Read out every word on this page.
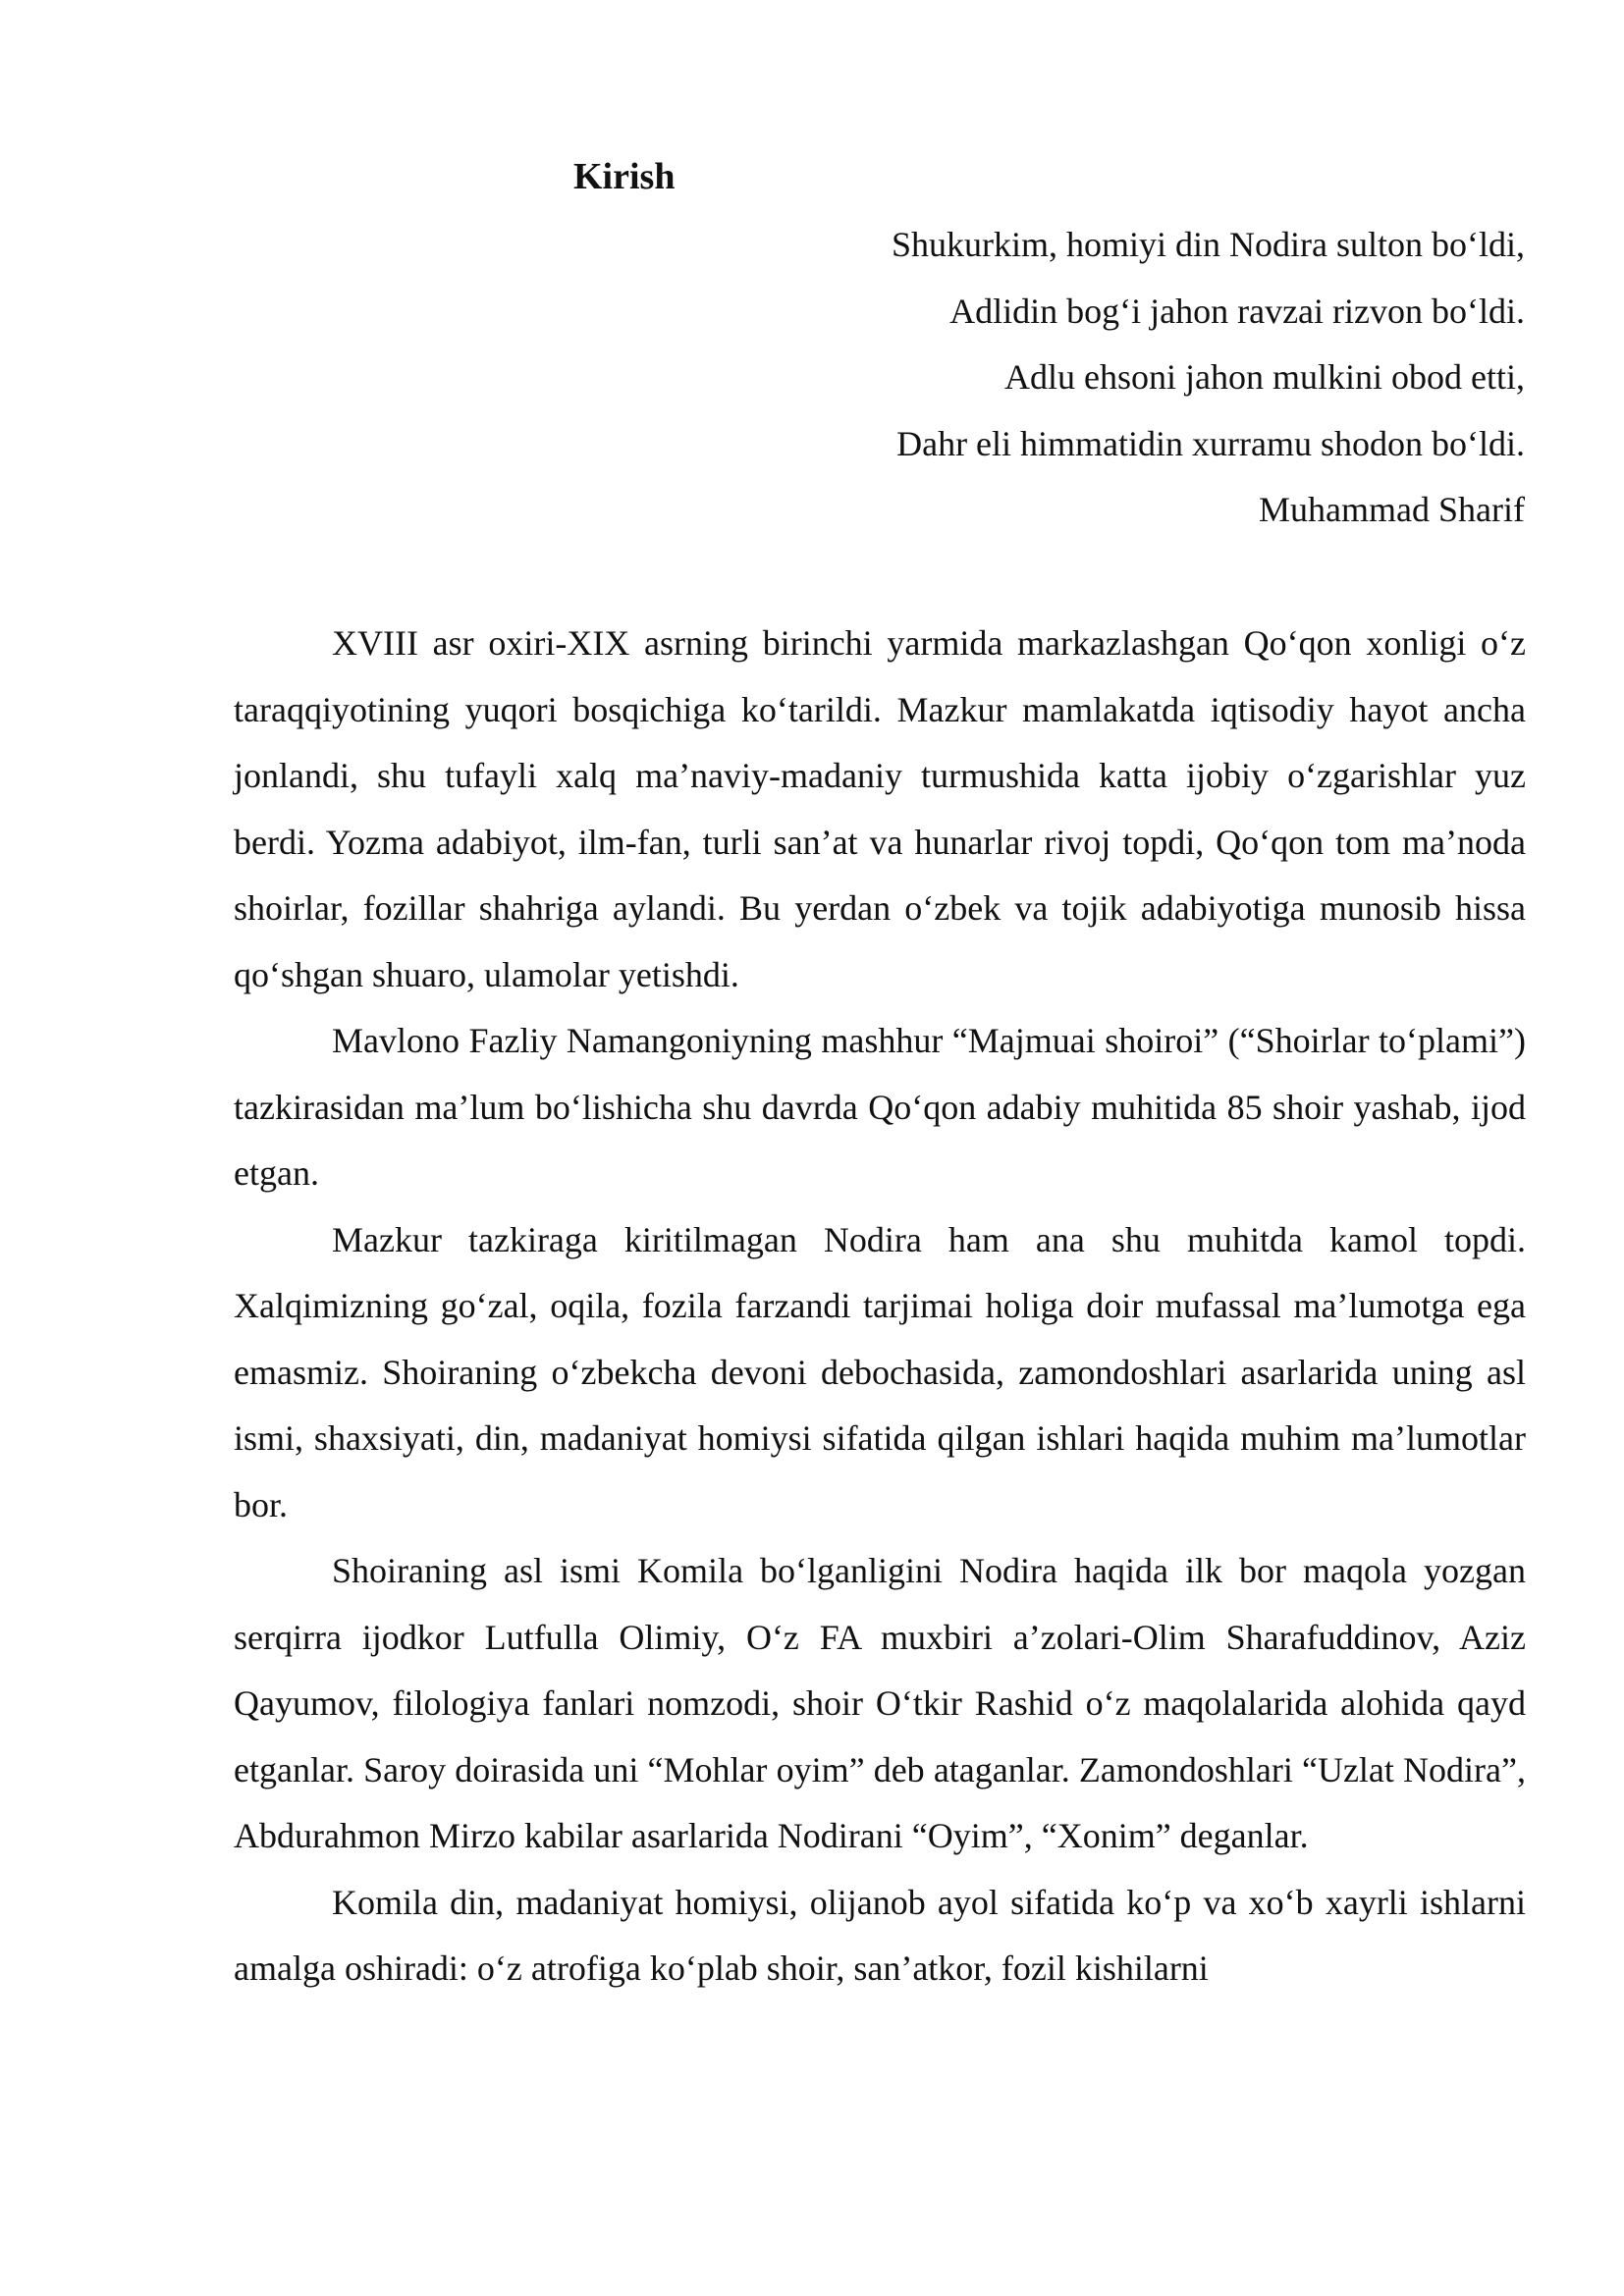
Kirish
Shukurkim, homiyi din Nodira sulton bo‘ldi,
Adlidin bog‘i jahon ravzai rizvon bo‘ldi.
Adlu ehsoni jahon mulkini obod etti,
Dahr eli himmatidin xurramu shodon bo‘ldi.
Muhammad Sharif

XVIII asr oxiri-XIX asrning birinchi yarmida markazlashgan Qo‘qon xonligi o‘z taraqqiyotining yuqori bosqichiga ko‘tarildi. Mazkur mamlakatda iqtisodiy hayot ancha jonlandi, shu tufayli xalq ma’naviy-madaniy turmushida katta ijobiy o‘zgarishlar yuz berdi. Yozma adabiyot, ilm-fan, turli san’at va hunarlar rivoj topdi, Qo‘qon tom ma’noda shoirlar, fozillar shahriga aylandi. Bu yerdan o‘zbek va tojik adabiyotiga munosib hissa qo‘shgan shuaro, ulamolar yetishdi.

Mavlono Fazliy Namangoniyning mashhur “Majmuai shoiroi” (“Shoirlar to‘plami”) tazkirasidan ma’lum bo‘lishicha shu davrda Qo‘qon adabiy muhitida 85 shoir yashab, ijod etgan.

Mazkur tazkiraga kiritilmagan Nodira ham ana shu muhitda kamol topdi. Xalqimizning go‘zal, oqila, fozila farzandi tarjimai holiga doir mufassal ma’lumotga ega emasmiz. Shoiraning o‘zbekcha devoni debochasida, zamondoshlari asarlarida uning asl ismi, shaxsiyati, din, madaniyat homiysi sifatida qilgan ishlari haqida muhim ma’lumotlar bor.

Shoiraning asl ismi Komila bo‘lganligini Nodira haqida ilk bor maqola yozgan serqirra ijodkor Lutfulla Olimiy, O‘z FA muxbiri a’zolari-Olim Sharafuddinov, Aziz Qayumov, filologiya fanlari nomzodi, shoir O‘tkir Rashid o‘z maqolalarida alohida qayd etganlar. Saroy doirasida uni “Mohlar oyim” deb ataganlar. Zamondoshlari “Uzlat Nodira”, Abdurahmon Mirzo kabilar asarlarida Nodirani “Oyim”, “Xonim” deganlar.

Komila din, madaniyat homiysi, olijanob ayol sifatida ko‘p va xo‘b xayrli ishlarni amalga oshiradi: o‘z atrofiga ko‘plab shoir, san’atkor, fozil kishilarni
